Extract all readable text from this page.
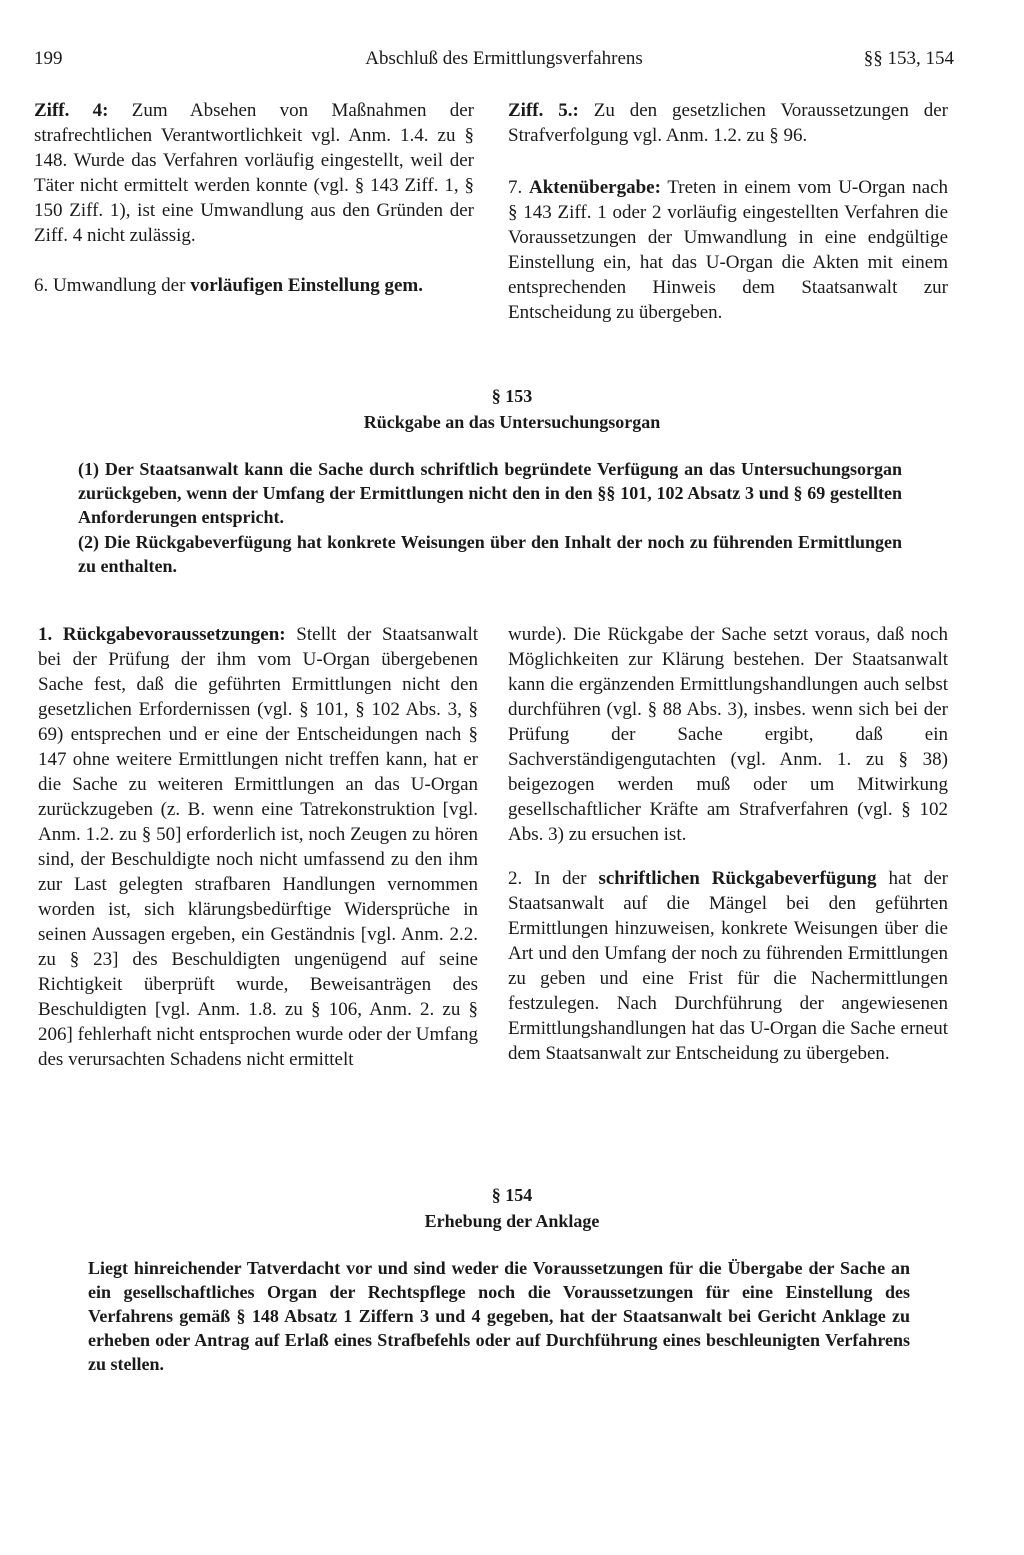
199	Abschluß des Ermittlungsverfahrens	§§ 153, 154

Ziff. 4: Zum Absehen von Maßnahmen der strafrechtlichen Verantwortlichkeit vgl. Anm. 1.4. zu § 148. Wurde das Verfahren vorläufig eingestellt, weil der Täter nicht ermittelt werden konnte (vgl. § 143 Ziff. 1, § 150 Ziff. 1), ist eine Umwandlung aus den Gründen der Ziff. 4 nicht zulässig.

6. Umwandlung der vorläufigen Einstellung gem.

Ziff. 5.: Zu den gesetzlichen Voraussetzungen der Strafverfolgung vgl. Anm. 1.2. zu § 96.

7. Aktenübergabe: Treten in einem vom U-Organ nach § 143 Ziff. 1 oder 2 vorläufig eingestellten Verfahren die Voraussetzungen der Umwandlung in eine endgültige Einstellung ein, hat das U-Organ die Akten mit einem entsprechenden Hinweis dem Staatsanwalt zur Entscheidung zu übergeben.

§ 153

Rückgabe an das Untersuchungsorgan

(1) Der Staatsanwalt kann die Sache durch schriftlich begründete Verfügung an das Untersuchungsorgan zurückgeben, wenn der Umfang der Ermittlungen nicht den in den §§ 101, 102 Absatz 3 und § 69 gestellten Anforderungen entspricht.

(2) Die Rückgabeverfügung hat konkrete Weisungen über den Inhalt der noch zu führenden Ermittlungen zu enthalten.

1. Rückgabevoraussetzungen: Stellt der Staatsanwalt bei der Prüfung der ihm vom U-Organ übergebenen Sache fest, daß die geführten Ermittlungen nicht den gesetzlichen Erfordernissen (vgl. § 101, § 102 Abs. 3, § 69) entsprechen und er eine der Entscheidungen nach § 147 ohne weitere Ermittlungen nicht treffen kann, hat er die Sache zu weiteren Ermittlungen an das U-Organ zurückzugeben (z. B. wenn eine Tatrekonstruktion [vgl. Anm. 1.2. zu § 50] erforderlich ist, noch Zeugen zu hören sind, der Beschuldigte noch nicht umfassend zu den ihm zur Last gelegten strafbaren Handlungen vernommen worden ist, sich klärungsbedürftige Widersprüche in seinen Aussagen ergeben, ein Geständnis [vgl. Anm. 2.2. zu § 23] des Beschuldigten ungenügend auf seine Richtigkeit überprüft wurde, Beweisanträgen des Beschuldigten [vgl. Anm. 1.8. zu § 106, Anm. 2. zu § 206] fehlerhaft nicht entsprochen wurde oder der Umfang des verursachten Schadens nicht ermittelt

wurde). Die Rückgabe der Sache setzt voraus, daß noch Möglichkeiten zur Klärung bestehen. Der Staatsanwalt kann die ergänzenden Ermittlungshandlungen auch selbst durchführen (vgl. § 88 Abs. 3), insbes. wenn sich bei der Prüfung der Sache ergibt, daß ein Sachverständigengutachten (vgl. Anm. 1. zu § 38) beigezogen werden muß oder um Mitwirkung gesellschaftlicher Kräfte am Strafverfahren (vgl. § 102 Abs. 3) zu ersuchen ist.

2. In der schriftlichen Rückgabeverfügung hat der Staatsanwalt auf die Mängel bei den geführten Ermittlungen hinzuweisen, konkrete Weisungen über die Art und den Umfang der noch zu führenden Ermittlungen zu geben und eine Frist für die Nachermittlungen festzulegen. Nach Durchführung der angewiesenen Ermittlungshandlungen hat das U-Organ die Sache erneut dem Staatsanwalt zur Entscheidung zu übergeben.

§ 154

Erhebung der Anklage

Liegt hinreichender Tatverdacht vor und sind weder die Voraussetzungen für die Übergabe der Sache an ein gesellschaftliches Organ der Rechtspflege noch die Voraussetzungen für eine Einstellung des Verfahrens gemäß § 148 Absatz 1 Ziffern 3 und 4 gegeben, hat der Staatsanwalt bei Gericht Anklage zu erheben oder Antrag auf Erlaß eines Strafbefehls oder auf Durchführung eines beschleunigten Verfahrens zu stellen.
